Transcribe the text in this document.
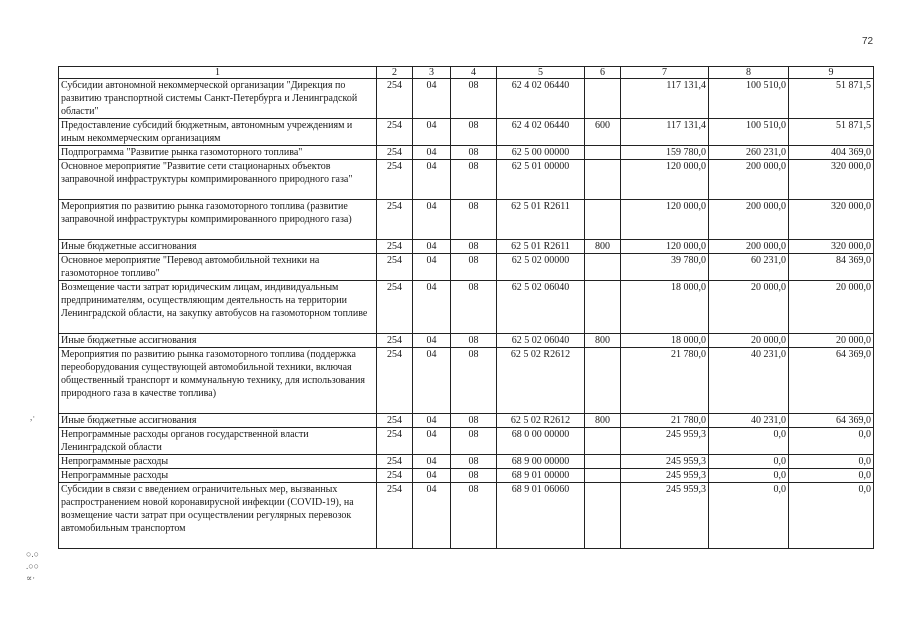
72
1	2	3	4	5	6	7	8	9
Субсидии автономной некоммерческой организации "Дирекция по развитию транспортной системы Санкт-Петербурга и Ленинградской области"	254	04	08	62 4 02 06440		117 131,4	100 510,0	51 871,5
Предоставление субсидий бюджетным, автономным учреждениям и иным некоммерческим организациям	254	04	08	62 4 02 06440	600	117 131,4	100 510,0	51 871,5
Подпрограмма "Развитие рынка газомоторного топлива"	254	04	08	62 5 00 00000		159 780,0	260 231,0	404 369,0
Основное мероприятие "Развитие сети стационарных объектов заправочной инфраструктуры компримированного природного газа"	254	04	08	62 5 01 00000		120 000,0	200 000,0	320 000,0
Мероприятия по развитию рынка газомоторного топлива (развитие заправочной инфраструктуры компримированного природного газа)	254	04	08	62 5 01 R2611		120 000,0	200 000,0	320 000,0
Иные бюджетные ассигнования	254	04	08	62 5 01 R2611	800	120 000,0	200 000,0	320 000,0
Основное мероприятие "Перевод автомобильной техники на газомоторное топливо"	254	04	08	62 5 02 00000		39 780,0	60 231,0	84 369,0
Возмещение части затрат юридическим лицам, индивидуальным предпринимателям, осуществляющим деятельность на территории Ленинградской области, на закупку автобусов на газомоторном топливе	254	04	08	62 5 02 06040		18 000,0	20 000,0	20 000,0
Иные бюджетные ассигнования	254	04	08	62 5 02 06040	800	18 000,0	20 000,0	20 000,0
Мероприятия по развитию рынка газомоторного топлива (поддержка переоборудования существующей автомобильной техники, включая общественный транспорт и коммунальную технику, для использования природного газа в качестве топлива)	254	04	08	62 5 02 R2612		21 780,0	40 231,0	64 369,0
Иные бюджетные ассигнования	254	04	08	62 5 02 R2612	800	21 780,0	40 231,0	64 369,0
Непрограммные расходы органов государственной власти Ленинградской области	254	04	08	68 0 00 00000		245 959,3	0,0	0,0
Непрограммные расходы	254	04	08	68 9 00 00000		245 959,3	0,0	0,0
Непрограммные расходы	254	04	08	68 9 01 00000		245 959,3	0,0	0,0
Субсидии в связи с введением ограничительных мер, вызванных распространением новой коронавирусной инфекции (COVID-19), на возмещение части затрат при осуществлении регулярных перевозок автомобильным транспортом	254	04	08	68 9 01 06060		245 959,3	0,0	0,0
,·
○.○
.○○
∝·
